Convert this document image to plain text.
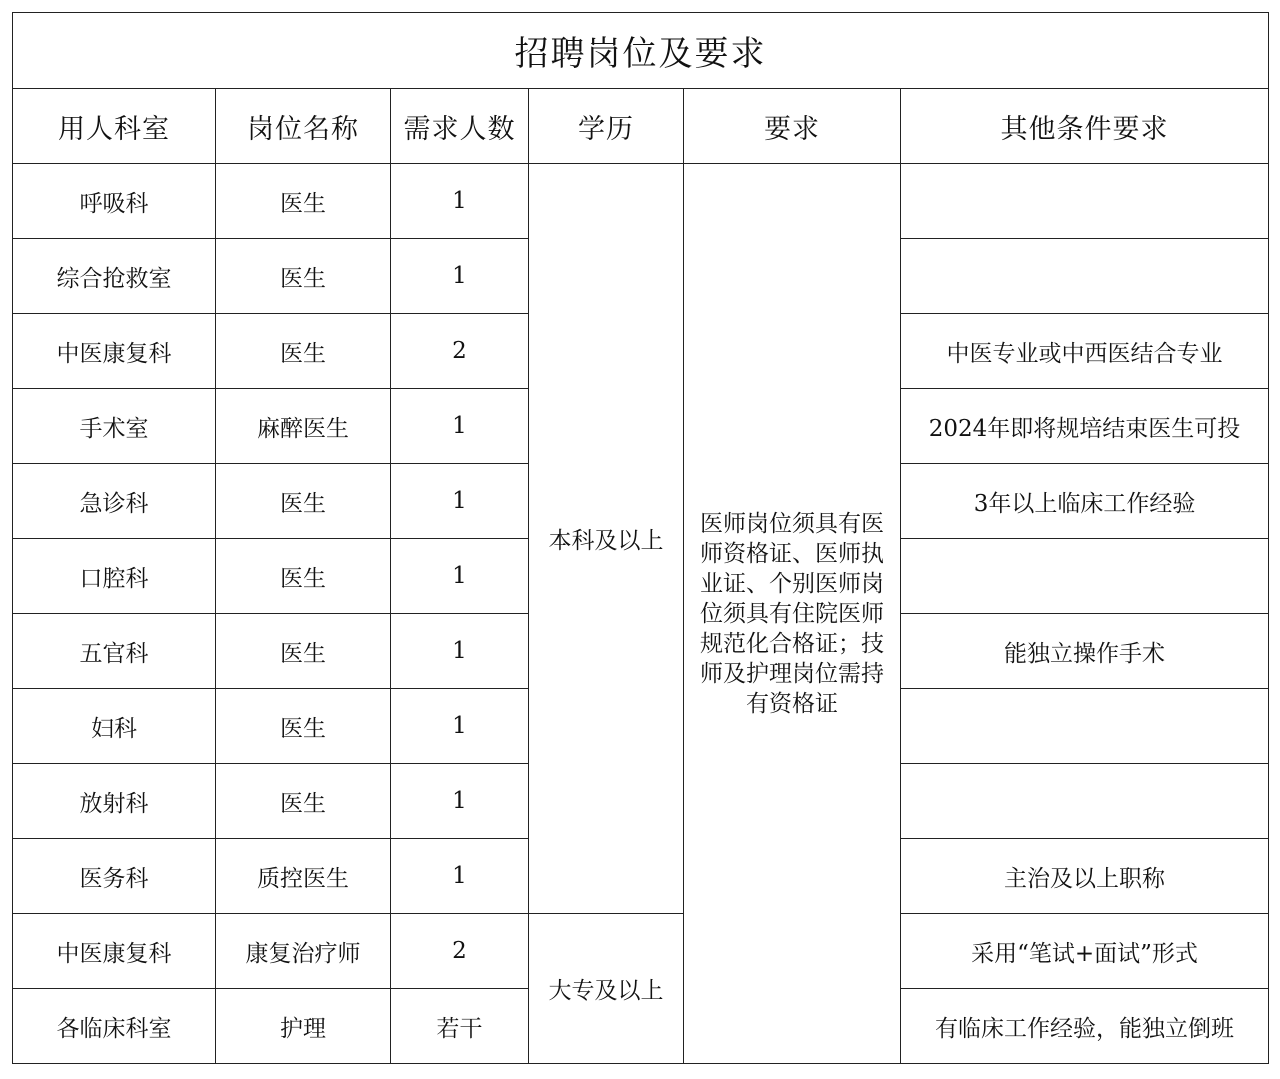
招聘岗位及要求					
用人科室	岗位名称	需求人数	学历	要求	其他条件要求
呼吸科	医生	1	本科及以上	医师岗位须具有医师资格证、医师执业证、个别医师岗位须具有住院医师规范化合格证；技师及护理岗位需持有资格证	

综合抢救室	医生	1			
中医康复科	医生	2			中医专业或中西医结合专业
手术室	麻醉医生	1			2024年即将规培结束医生可投
急诊科	医生	1			3年以上临床工作经验
口腔科	医生	1			
五官科	医生	1			能独立操作手术
妇科	医生	1			
放射科	医生	1			
医务科	质控医生	1			主治及以上职称
中医康复科	康复治疗师	2	大专及以上		采用“笔试+面试”形式
各临床科室	护理	若干			有临床工作经验，能独立倒班
